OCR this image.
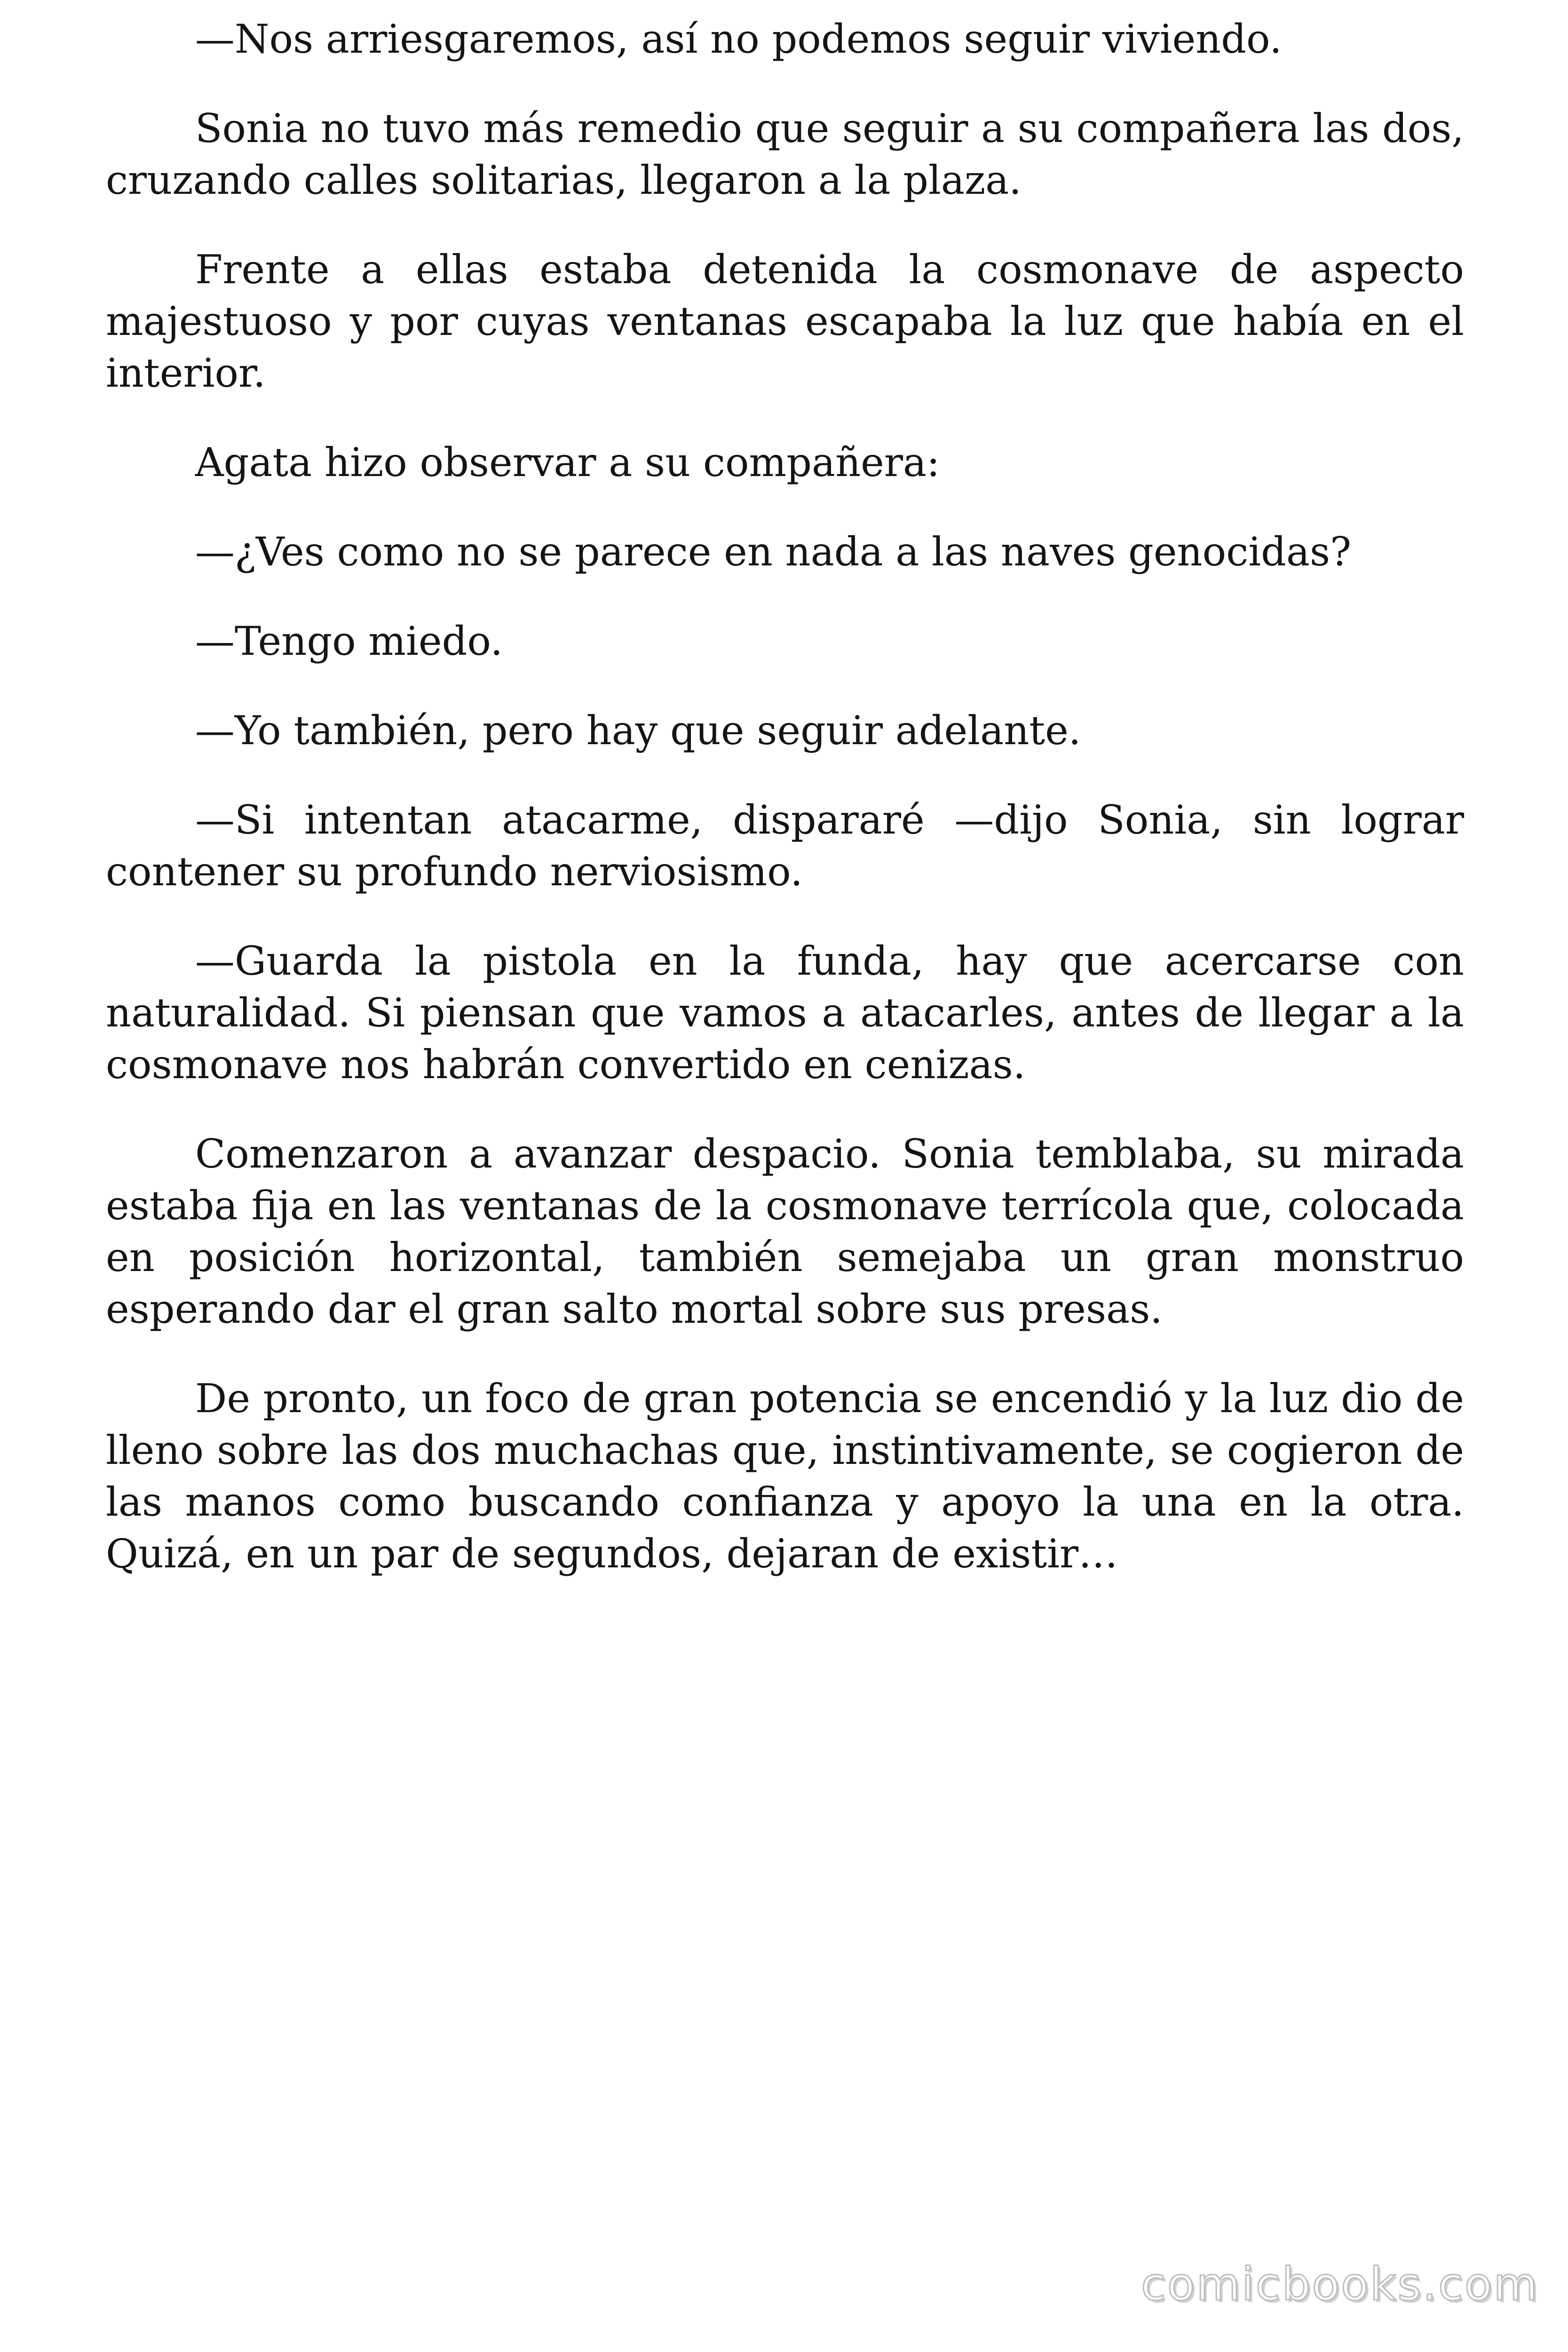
—Nos arriesgaremos, así no podemos seguir viviendo.

Sonia no tuvo más remedio que seguir a su compañera las dos, cruzando calles solitarias, llegaron a la plaza.

Frente a ellas estaba detenida la cosmonave de aspecto majestuoso y por cuyas ventanas escapaba la luz que había en el interior.

Agata hizo observar a su compañera:

—¿Ves como no se parece en nada a las naves genocidas?

—Tengo miedo.

—Yo también, pero hay que seguir adelante.

—Si intentan atacarme, dispararé —dijo Sonia, sin lograr contener su profundo nerviosismo.

—Guarda la pistola en la funda, hay que acercarse con naturalidad. Si piensan que vamos a atacarles, antes de llegar a la cosmonave nos habrán convertido en cenizas.

Comenzaron a avanzar despacio. Sonia temblaba, su mirada estaba fija en las ventanas de la cosmonave terrícola que, colocada en posición horizontal, también semejaba un gran monstruo esperando dar el gran salto mortal sobre sus presas.

De pronto, un foco de gran potencia se encendió y la luz dio de lleno sobre las dos muchachas que, instintivamente, se cogieron de las manos como buscando confianza y apoyo la una en la otra. Quizá, en un par de segundos, dejaran de existir…

comicbooks.com
